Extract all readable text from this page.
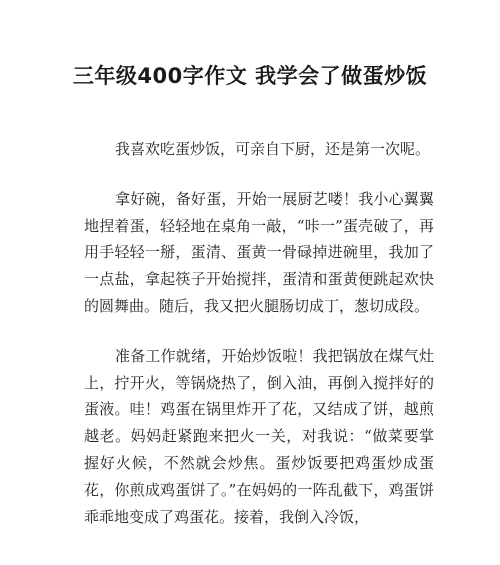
三年级400字作文 我学会了做蛋炒饭

我喜欢吃蛋炒饭，可亲自下厨，还是第一次呢。

拿好碗，备好蛋，开始一展厨艺喽！我小心翼翼地捏着蛋，轻轻地在桌角一敲，“咔一”蛋壳破了，再用手轻轻一掰，蛋清、蛋黄一骨碌掉进碗里，我加了一点盐，拿起筷子开始搅拌，蛋清和蛋黄便跳起欢快的圆舞曲。随后，我又把火腿肠切成丁，葱切成段。

准备工作就绪，开始炒饭啦！我把锅放在煤气灶上，拧开火，等锅烧热了，倒入油，再倒入搅拌好的蛋液。哇！鸡蛋在锅里炸开了花，又结成了饼，越煎越老。妈妈赶紧跑来把火一关，对我说：“做菜要掌握好火候，不然就会炒焦。蛋炒饭要把鸡蛋炒成蛋花，你煎成鸡蛋饼了。”在妈妈的一阵乱截下，鸡蛋饼乖乖地变成了鸡蛋花。接着，我倒入冷饭，
